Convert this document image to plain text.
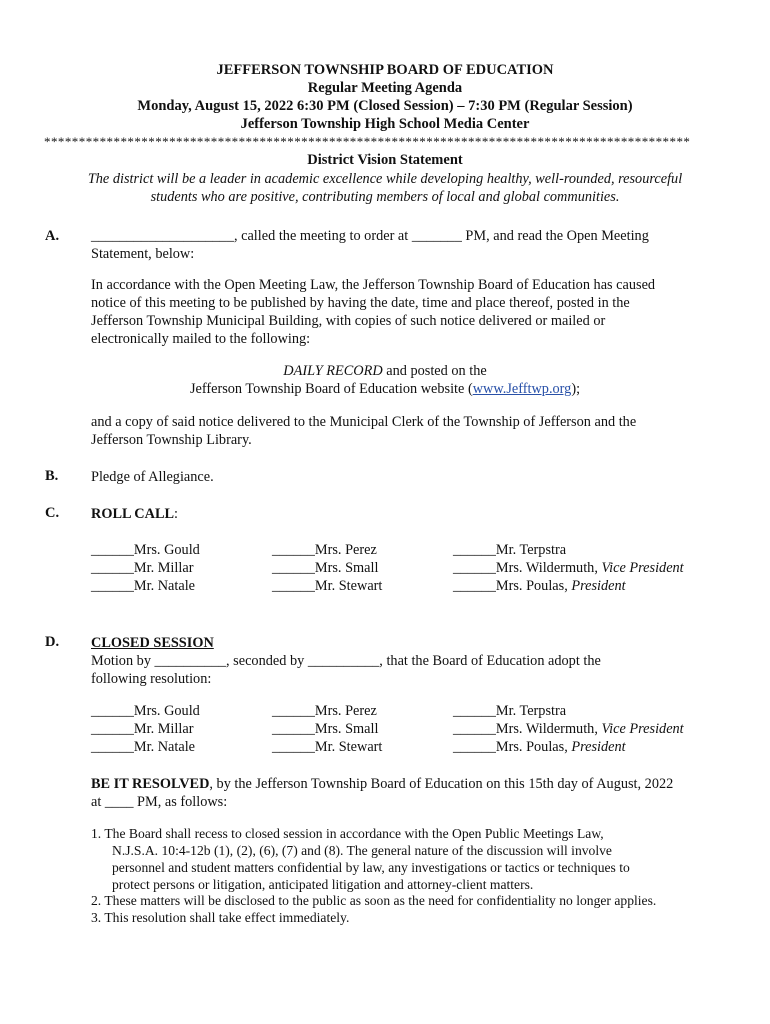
JEFFERSON TOWNSHIP BOARD OF EDUCATION
Regular Meeting Agenda
Monday, August 15, 2022 6:30 PM (Closed Session) – 7:30 PM (Regular Session)
Jefferson Township High School Media Center
*********************************************************************************************
District Vision Statement
The district will be a leader in academic excellence while developing healthy, well-rounded, resourceful
students who are positive, contributing members of local and global communities.
A. ____________________, called the meeting to order at _______ PM, and read the Open Meeting
Statement, below:
In accordance with the Open Meeting Law, the Jefferson Township Board of Education has caused
notice of this meeting to be published by having the date, time and place thereof, posted in the
Jefferson Township Municipal Building, with copies of such notice delivered or mailed or
electronically mailed to the following:
DAILY RECORD and posted on the
Jefferson Township Board of Education website (www.Jefftwp.org);
and a copy of said notice delivered to the Municipal Clerk of the Township of Jefferson and the
Jefferson Township Library.
B. Pledge of Allegiance.
C. ROLL CALL:
______Mrs. Gould
______Mr. Millar
______Mr. Natale
______Mrs. Perez
______Mrs. Small
______Mr. Stewart
______Mr. Terpstra
______Mrs. Wildermuth, Vice President
______Mrs. Poulas, President
D. CLOSED SESSION
Motion by __________, seconded by __________, that the Board of Education adopt the
following resolution:
______Mrs. Gould
______Mr. Millar
______Mr. Natale
______Mrs. Perez
______Mrs. Small
______Mr. Stewart
______Mr. Terpstra
______Mrs. Wildermuth, Vice President
______Mrs. Poulas, President
BE IT RESOLVED, by the Jefferson Township Board of Education on this 15th day of August, 2022
at ____ PM, as follows:
1. The Board shall recess to closed session in accordance with the Open Public Meetings Law,
N.J.S.A. 10:4-12b (1), (2), (6), (7) and (8). The general nature of the discussion will involve
personnel and student matters confidential by law, any investigations or tactics or techniques to
protect persons or litigation, anticipated litigation and attorney-client matters.
2. These matters will be disclosed to the public as soon as the need for confidentiality no longer applies.
3. This resolution shall take effect immediately.
